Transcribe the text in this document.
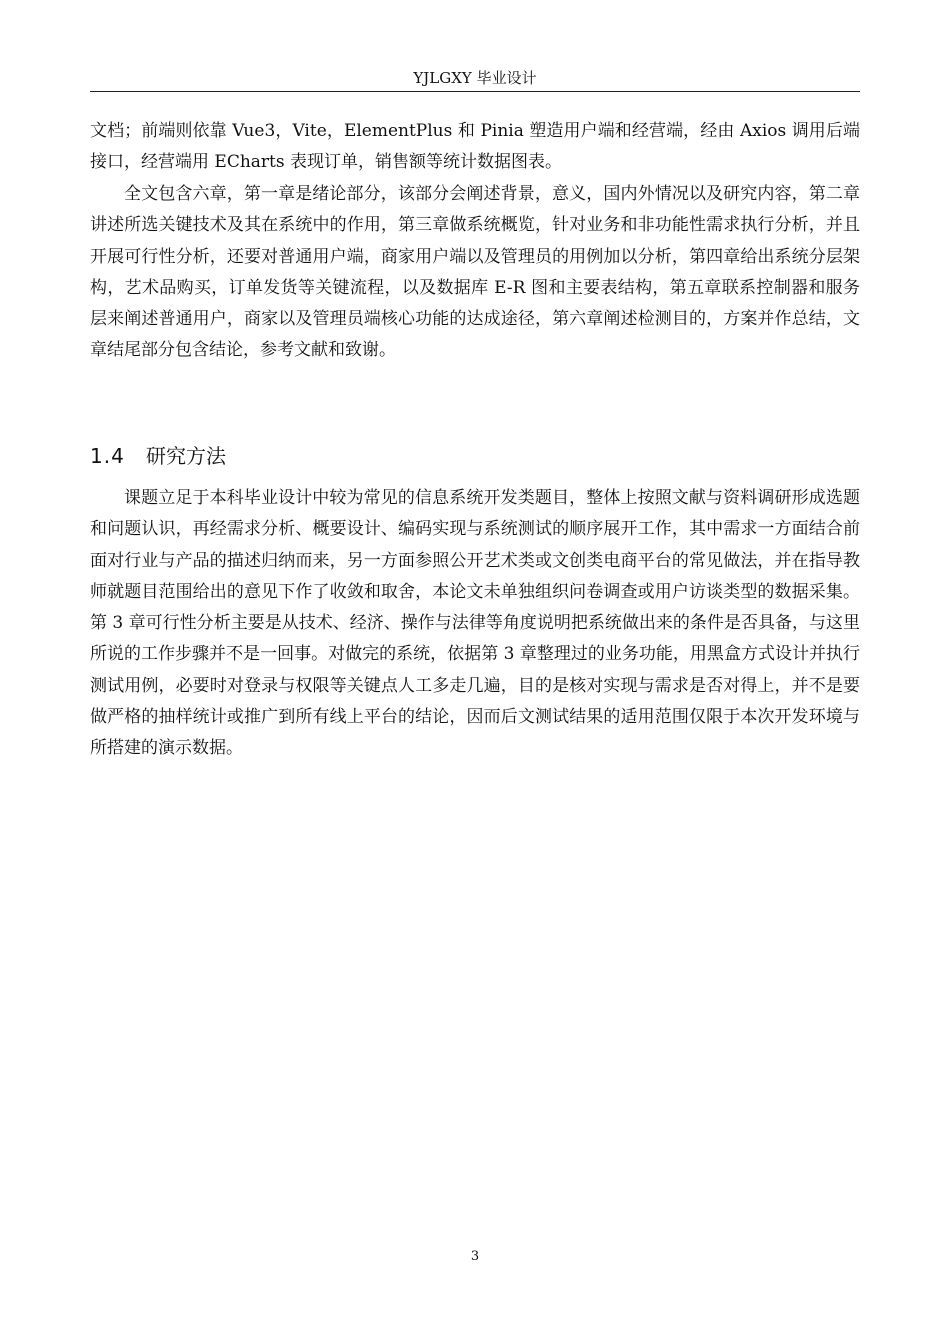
YJLGXY 毕业设计

文档；前端则依靠 Vue3，Vite，ElementPlus 和 Pinia 塑造用户端和经营端，经由 Axios 调用后端接口，经营端用 ECharts 表现订单，销售额等统计数据图表。

全文包含六章，第一章是绪论部分，该部分会阐述背景，意义，国内外情况以及研究内容，第二章讲述所选关键技术及其在系统中的作用，第三章做系统概览，针对业务和非功能性需求执行分析，并且开展可行性分析，还要对普通用户端，商家用户端以及管理员的用例加以分析，第四章给出系统分层架构，艺术品购买，订单发货等关键流程，以及数据库 E-R 图和主要表结构，第五章联系控制器和服务层来阐述普通用户，商家以及管理员端核心功能的达成途径，第六章阐述检测目的，方案并作总结，文章结尾部分包含结论，参考文献和致谢。

1.4 研究方法

课题立足于本科毕业设计中较为常见的信息系统开发类题目，整体上按照文献与资料调研形成选题和问题认识，再经需求分析、概要设计、编码实现与系统测试的顺序展开工作，其中需求一方面结合前面对行业与产品的描述归纳而来，另一方面参照公开艺术类或文创类电商平台的常见做法，并在指导教师就题目范围给出的意见下作了收敛和取舍，本论文未单独组织问卷调查或用户访谈类型的数据采集。第 3 章可行性分析主要是从技术、经济、操作与法律等角度说明把系统做出来的条件是否具备，与这里所说的工作步骤并不是一回事。对做完的系统，依据第 3 章整理过的业务功能，用黑盒方式设计并执行测试用例，必要时对登录与权限等关键点人工多走几遍，目的是核对实现与需求是否对得上，并不是要做严格的抽样统计或推广到所有线上平台的结论，因而后文测试结果的适用范围仅限于本次开发环境与所搭建的演示数据。

3
